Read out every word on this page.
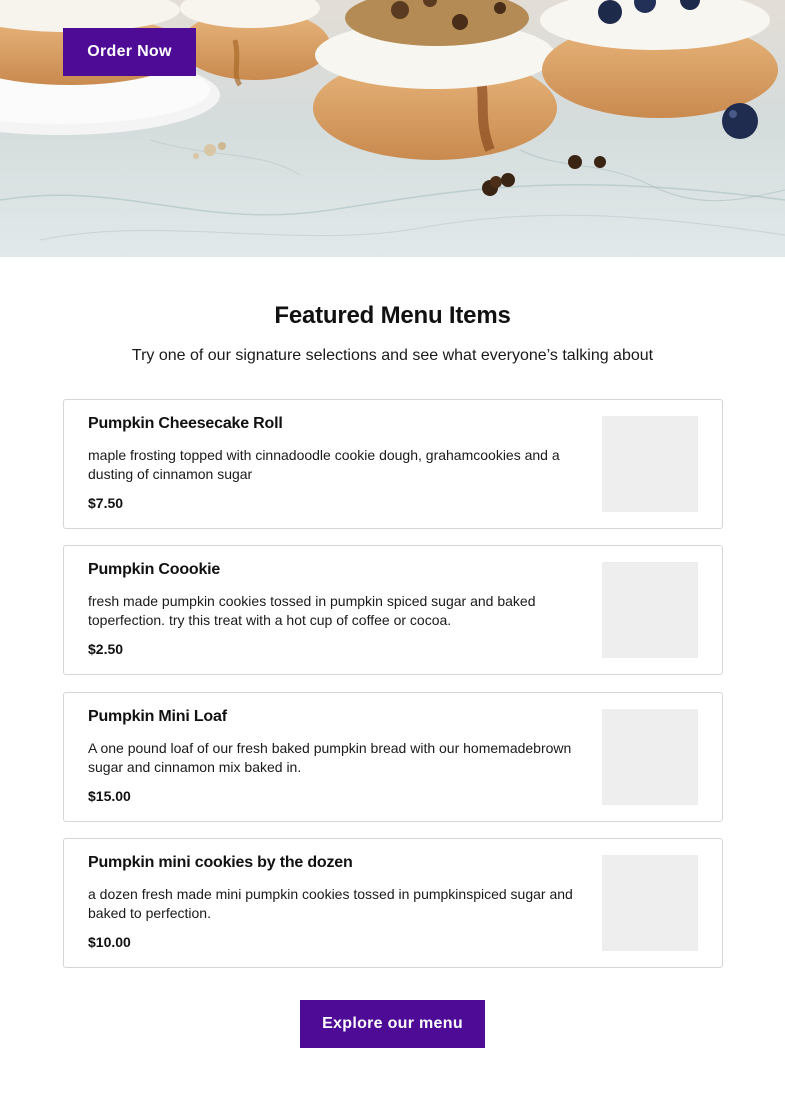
Order Now
Featured Menu Items

Try one of our signature selections and see what everyone’s talking about

Pumpkin Cheesecake Roll

maple frosting topped with cinnadoodle cookie dough, grahamcookies and a dusting of cinnamon sugar

$7.50

Pumpkin Coookie

fresh made pumpkin cookies tossed in pumpkin spiced sugar and baked toperfection. try this treat with a hot cup of coffee or cocoa.

$2.50

Pumpkin Mini Loaf

A one pound loaf of our fresh baked pumpkin bread with our homemadebrown sugar and cinnamon mix baked in.

$15.00

Pumpkin mini cookies by the dozen

a dozen fresh made mini pumpkin cookies tossed in pumpkinspiced sugar and baked to perfection.

$10.00

Explore our menu
